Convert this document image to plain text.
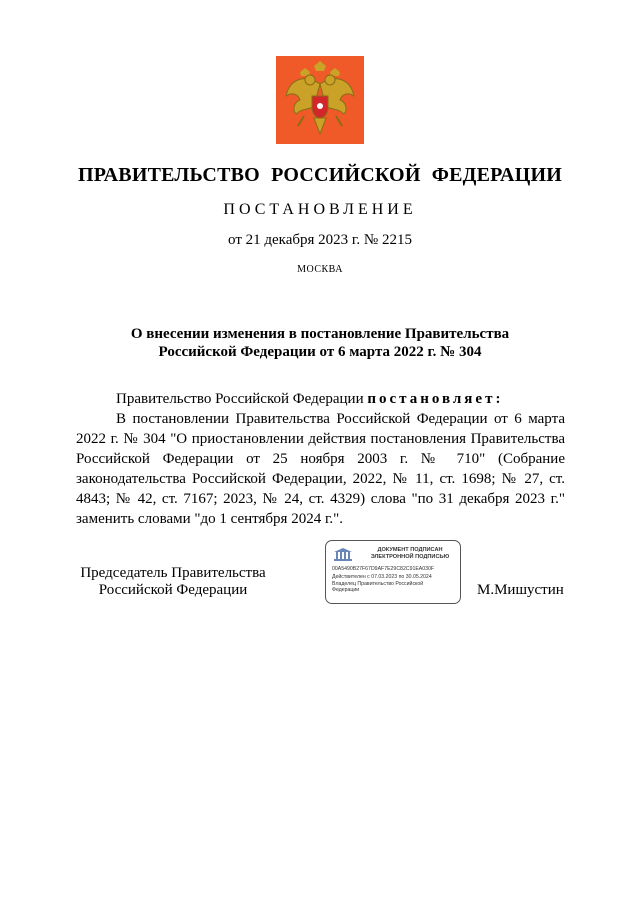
ПРАВИТЕЛЬСТВО РОССИЙСКОЙ ФЕДЕРАЦИИ
ПОСТАНОВЛЕНИЕ
от 21 декабря 2023 г. № 2215
МОСКВА
О внесении изменения в постановление Правительства
Российской Федерации от 6 марта 2022 г. № 304

Правительство Российской Федерации постановляет:

В постановлении Правительства Российской Федерации от 6 марта 2022 г. № 304 "О приостановлении действия постановления Правительства Российской Федерации от 25 ноября 2003 г. № 710" (Собрание законодательства Российской Федерации, 2022, № 11, ст. 1698; № 27, ст. 4843; № 42, ст. 7167; 2023, № 24, ст. 4329) слова "по 31 декабря 2023 г." заменить словами "до 1 сентября 2024 г.".

Председатель Правительства
Российской Федерации
ДОКУМЕНТ ПОДПИСАН
ЭЛЕКТРОННОЙ ПОДПИСЬЮ
00A5490B27F67D9AF7E29C82C91EA030F
Действителен с 07.03.2023 по 30.05.2024
Владелец Правительство Российской
Федерации	М.Мишустин
